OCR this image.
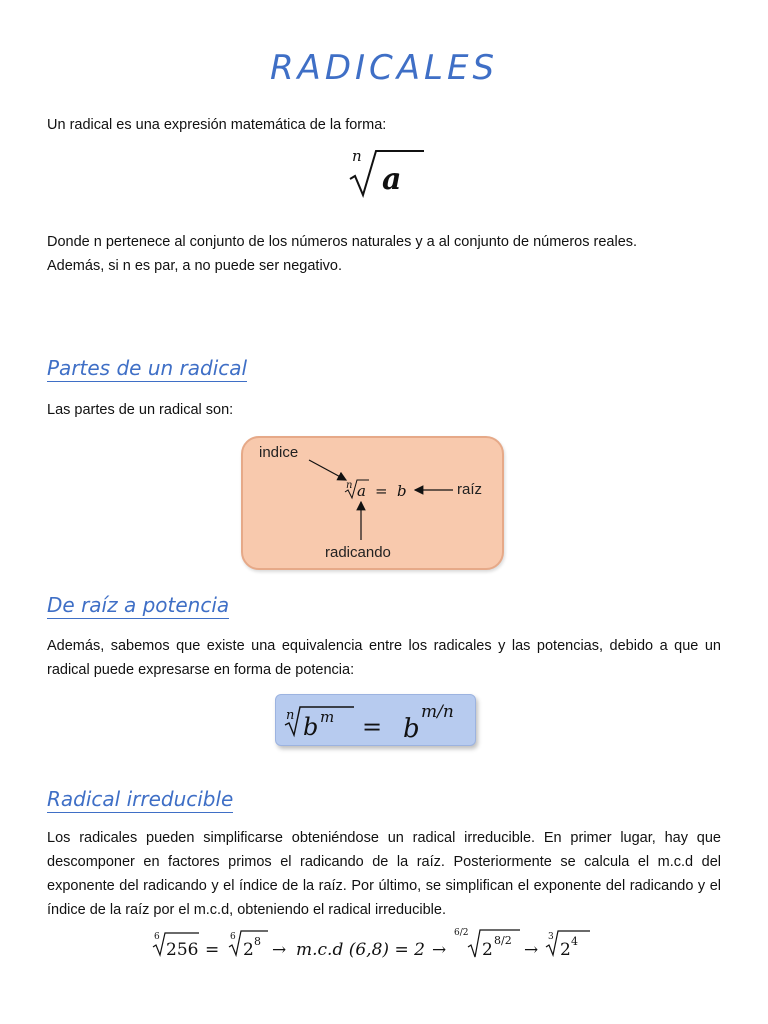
RADICALES
Un radical es una expresión matemática de la forma:
n
a
Donde n pertenece al conjunto de los números naturales y a al conjunto de números reales.
Además, si n es par, a no puede ser negativo.
Partes de un radical
Las partes de un radical son:
indice
raíz
radicando
n a = b
De raíz a potencia
Además, sabemos que existe una equivalencia entre los radicales y las potencias, debido a que un radical puede expresarse en forma de potencia:
n b m = b
m/n
Radical irreducible
Los radicales pueden simplificarse obteniéndose un radical irreducible. En primer lugar, hay que descomponer en factores primos el radicando de la raíz. Posteriormente se calcula el m.c.d del exponente del radicando y el índice de la raíz. Por último, se simplifican el exponente del radicando y el índice de la raíz por el m.c.d, obteniendo el radical irreducible.
6
256 =
6
2 8 → m.c.d (6,8) = 2 →
6/2
2 8/2 →
3
2 4
